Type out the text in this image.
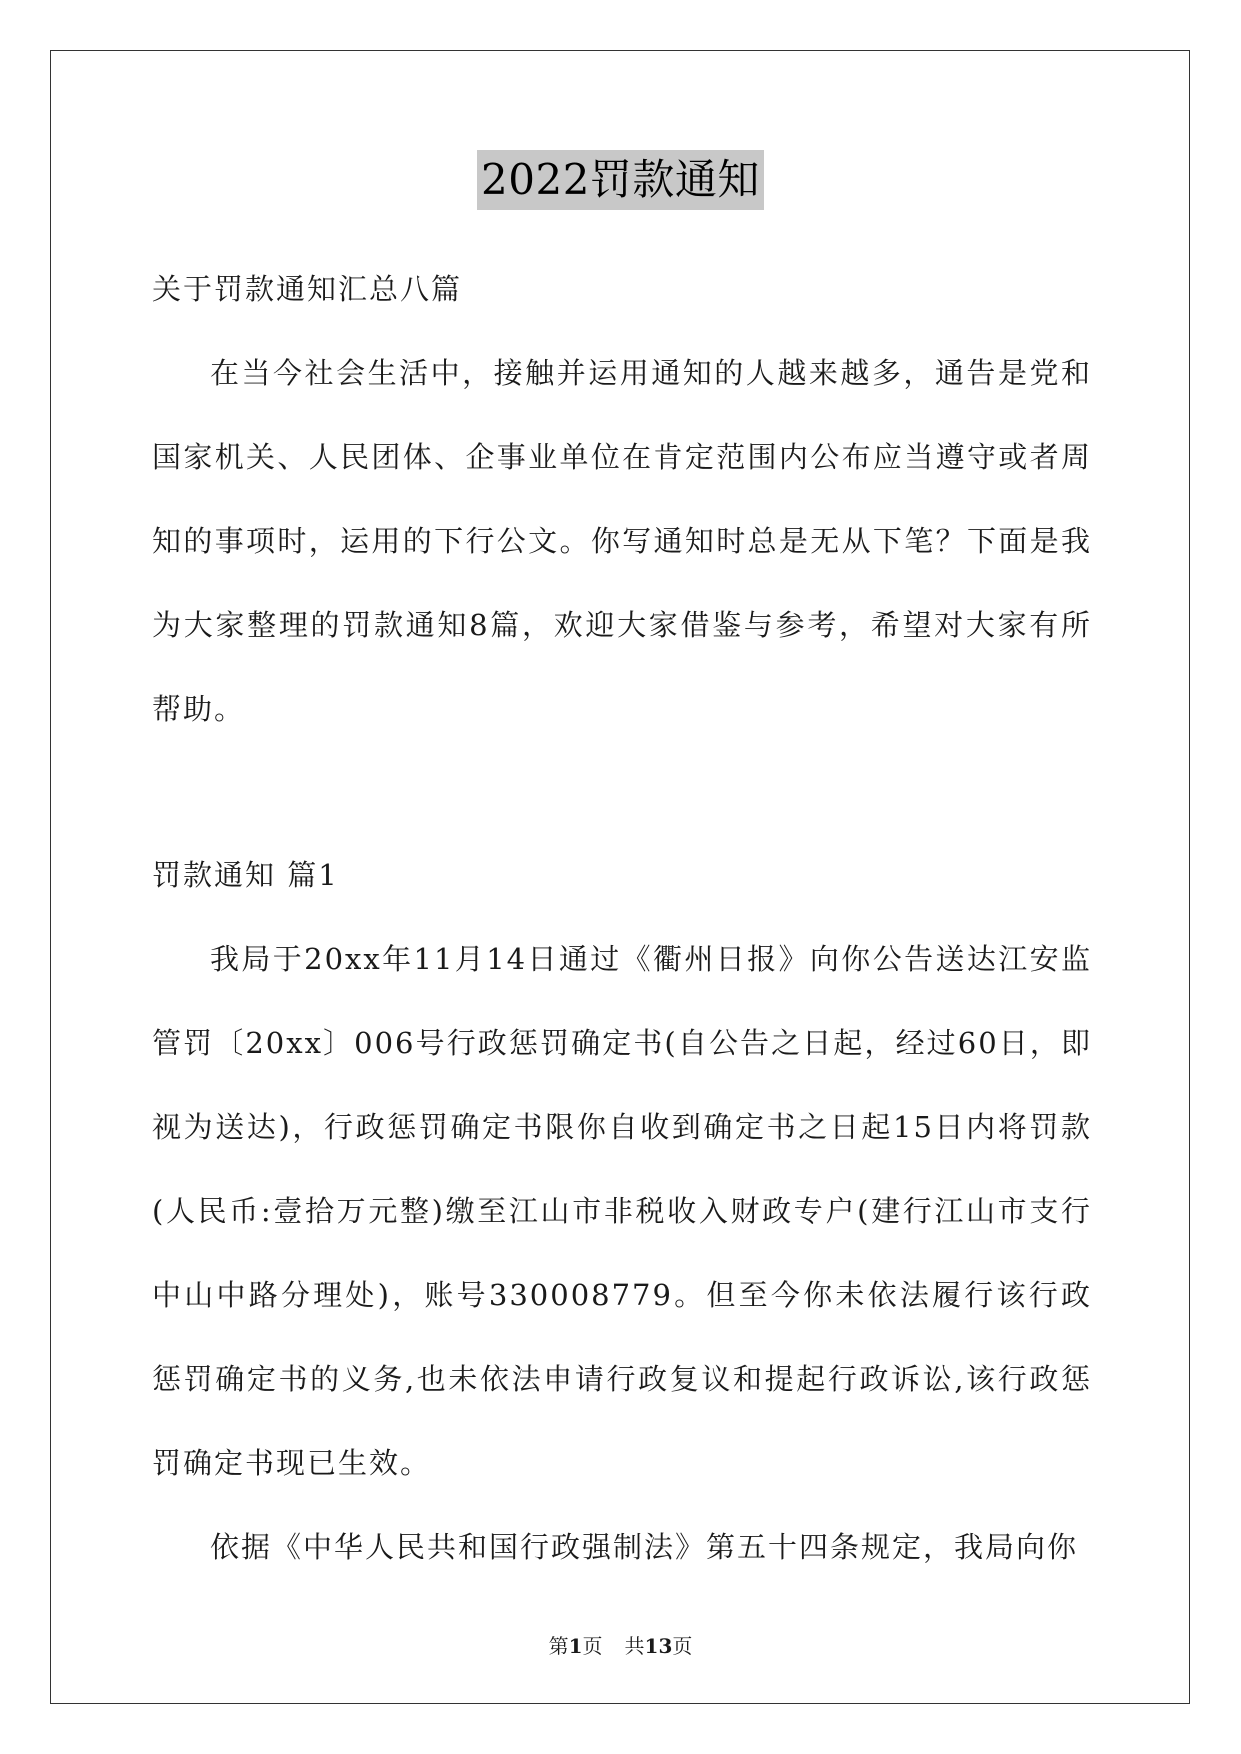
2022罚款通知

关于罚款通知汇总八篇

在当今社会生活中，接触并运用通知的人越来越多，通告是党和国家机关、人民团体、企事业单位在肯定范围内公布应当遵守或者周知的事项时，运用的下行公文。你写通知时总是无从下笔？下面是我为大家整理的罚款通知8篇，欢迎大家借鉴与参考，希望对大家有所帮助。

罚款通知 篇1

我局于20xx年11月14日通过《衢州日报》向你公告送达江安监管罚〔20xx〕006号行政惩罚确定书(自公告之日起，经过60日，即视为送达)，行政惩罚确定书限你自收到确定书之日起15日内将罚款(人民币:壹拾万元整)缴至江山市非税收入财政专户(建行江山市支行中山中路分理处)，账号330008779。但至今你未依法履行该行政惩罚确定书的义务,也未依法申请行政复议和提起行政诉讼,该行政惩罚确定书现已生效。

依据《中华人民共和国行政强制法》第五十四条规定，我局向你

第1页 共13页
